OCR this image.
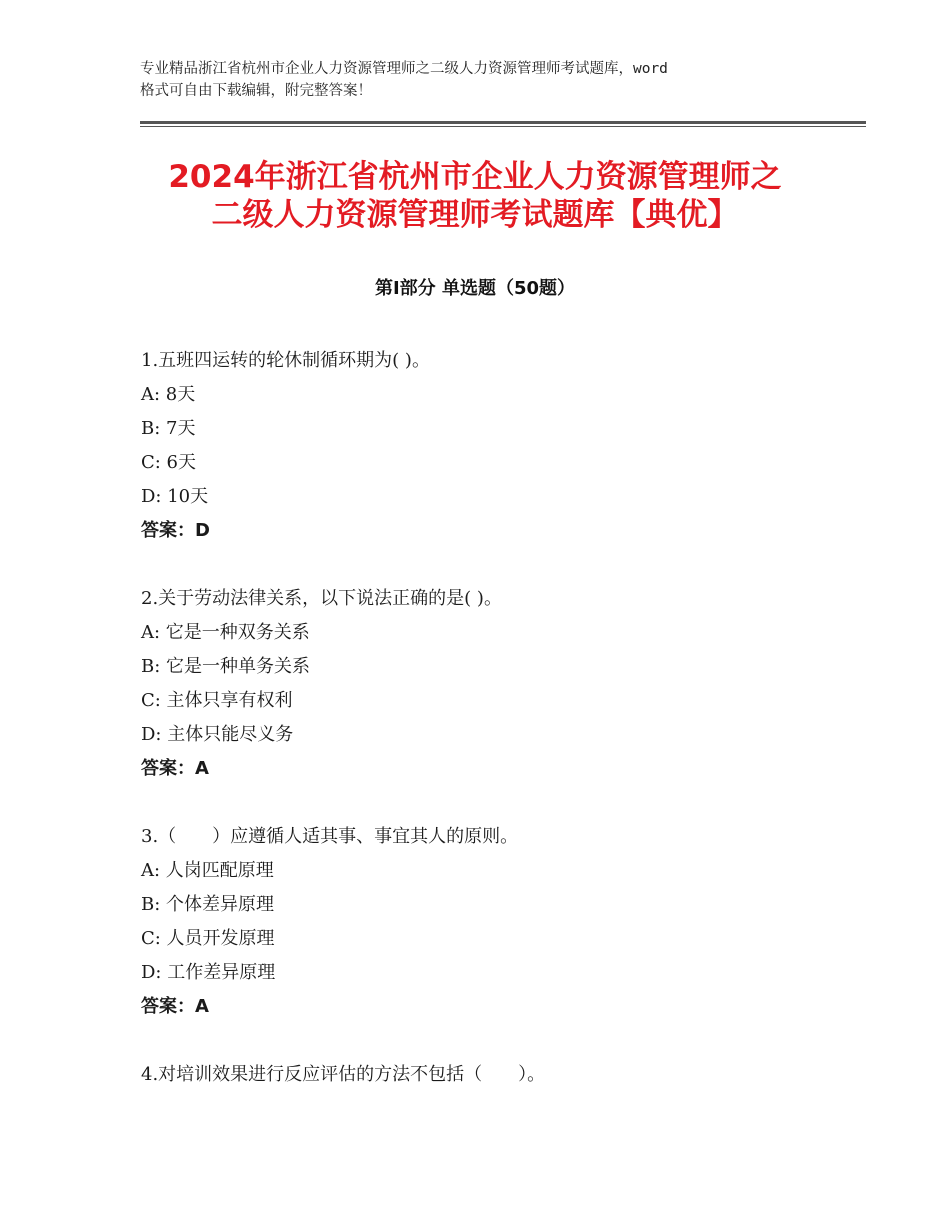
专业精品浙江省杭州市企业人力资源管理师之二级人力资源管理师考试题库，word
格式可自由下载编辑，附完整答案！
2024年浙江省杭州市企业人力资源管理师之
二级人力资源管理师考试题库【典优】
第Ⅰ部分 单选题（50题）
1.五班四运转的轮休制循环期为( )。
A: 8天
B: 7天
C: 6天
D: 10天
答案：D
2.关于劳动法律关系，以下说法正确的是( )。
A: 它是一种双务关系
B: 它是一种单务关系
C: 主体只享有权利
D: 主体只能尽义务
答案：A
3.（　　）应遵循人适其事、事宜其人的原则。
A: 人岗匹配原理
B: 个体差异原理
C: 人员开发原理
D: 工作差异原理
答案：A
4.对培训效果进行反应评估的方法不包括（　　）。
